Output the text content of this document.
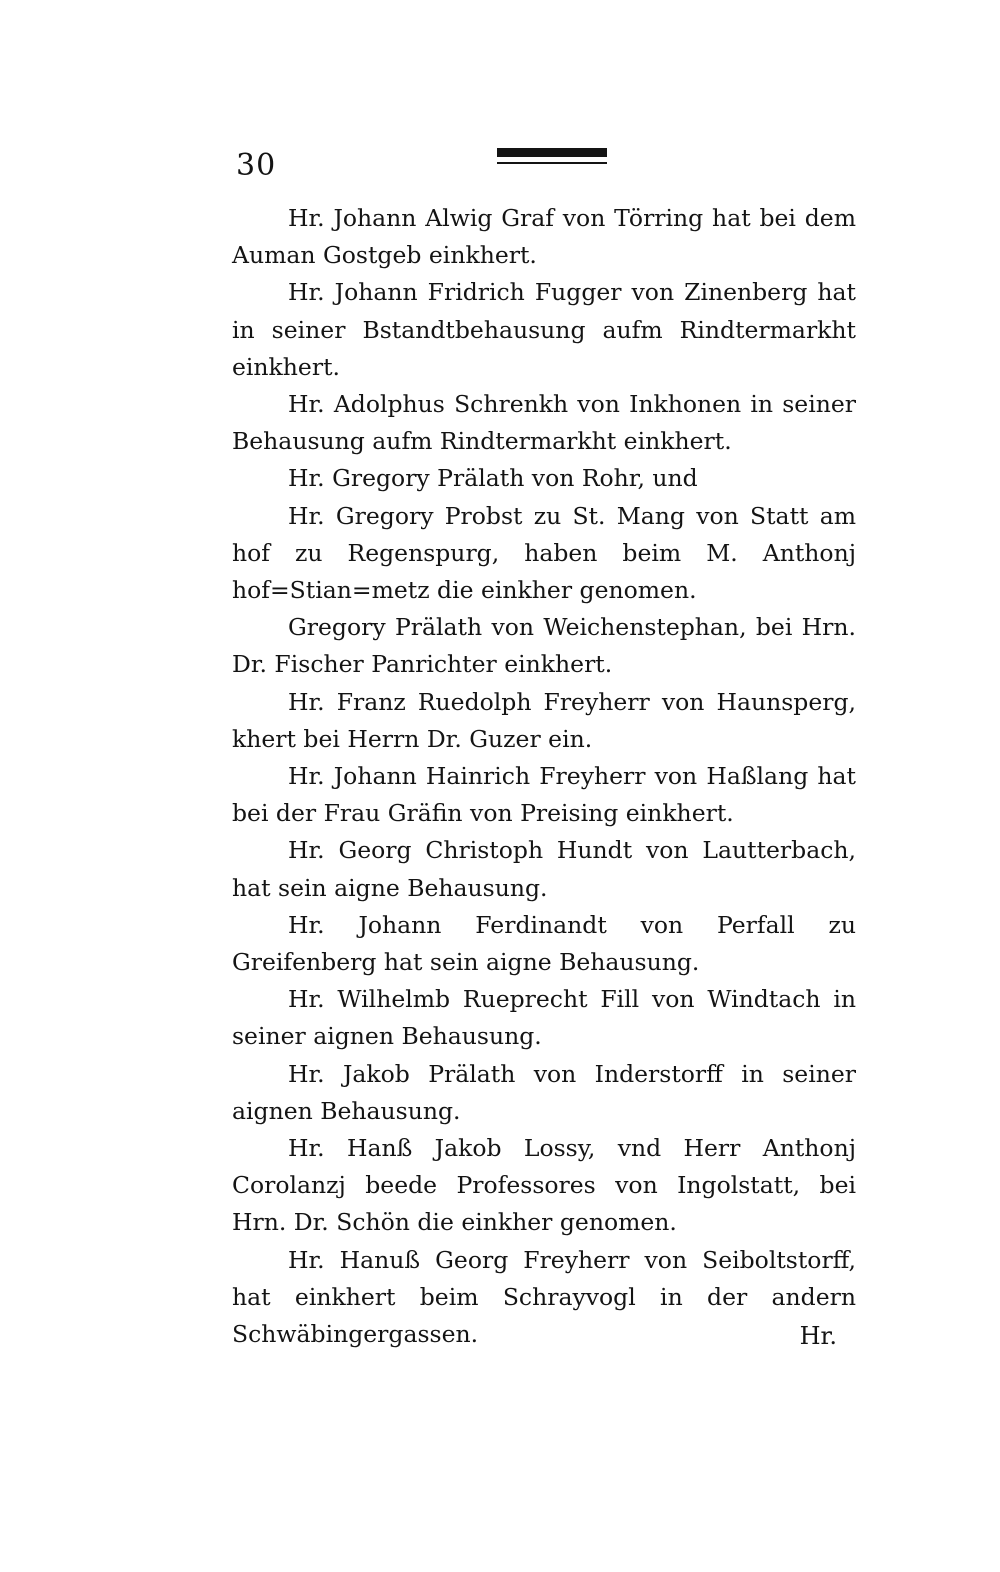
30

Hr. Johann Alwig Graf von Törring hat bei dem Auman Gostgeb einkhert.

Hr. Johann Fridrich Fugger von Zinenberg hat in seiner Bstandtbehausung aufm Rindtermarkht einkhert.

Hr. Adolphus Schrenkh von Inkhonen in seiner Behausung aufm Rindtermarkht einkhert.

Hr. Gregory Prälath von Rohr, und

Hr. Gregory Probst zu St. Mang von Statt am hof zu Regenspurg, haben beim M. Anthonj hof=Stian=metz die einkher genomen.

Gregory Prälath von Weichenstephan, bei Hrn. Dr. Fischer Panrichter einkhert.

Hr. Franz Ruedolph Freyherr von Haunsperg, khert bei Herrn Dr. Guzer ein.

Hr. Johann Hainrich Freyherr von Haßlang hat bei der Frau Gräfin von Preising einkhert.

Hr. Georg Christoph Hundt von Lautterbach, hat sein aigne Behausung.

Hr. Johann Ferdinandt von Perfall zu Greifenberg hat sein aigne Behausung.

Hr. Wilhelmb Rueprecht Fill von Windtach in seiner aignen Behausung.

Hr. Jakob Prälath von Inderstorff in seiner aignen Behausung.

Hr. Hanß Jakob Lossy, vnd Herr Anthonj Corolanzj beede Professores von Ingolstatt, bei Hrn. Dr. Schön die einkher genomen.

Hr. Hanuß Georg Freyherr von Seiboltstorff, hat einkhert beim Schrayvogl in der andern Schwäbingergassen.	Hr.
